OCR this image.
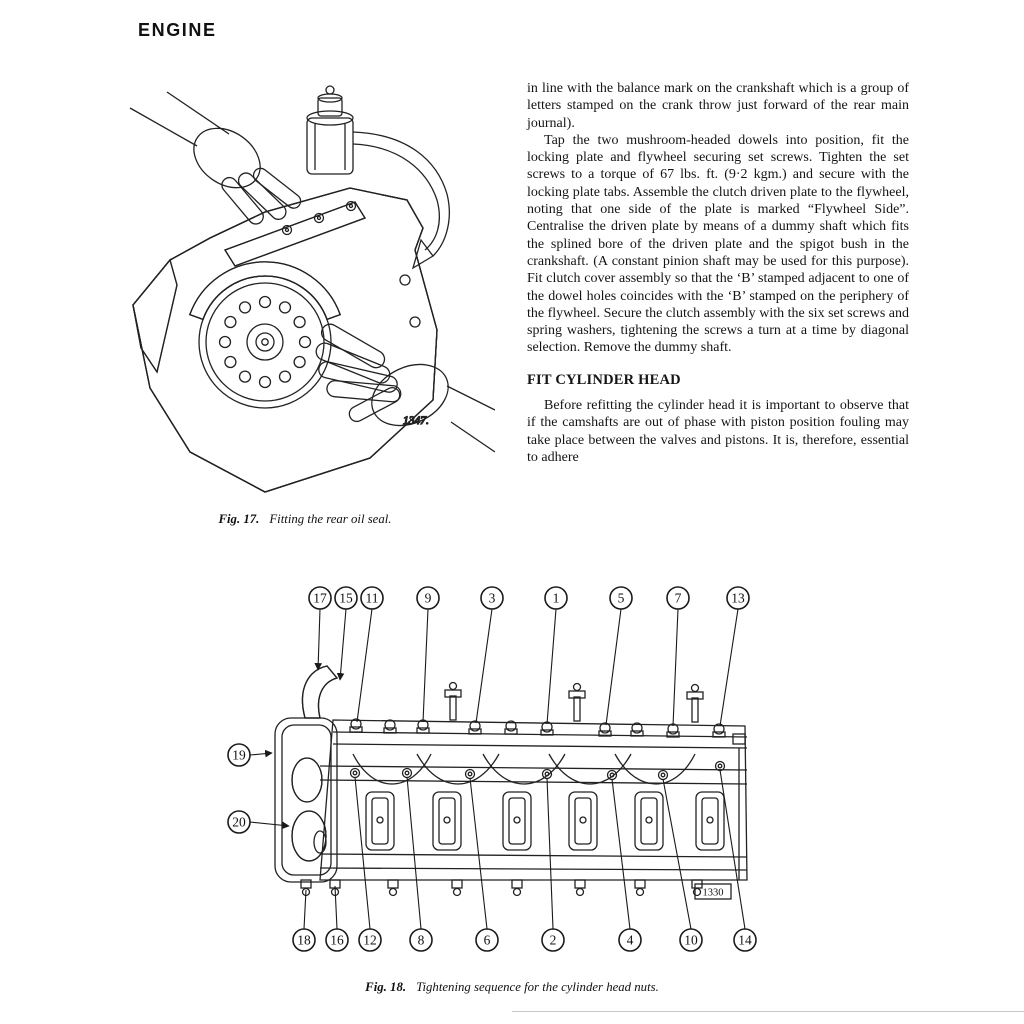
ENGINE
1347.
Fig. 17. Fitting the rear oil seal.

in line with the balance mark on the crankshaft which is a group of letters stamped on the crank throw just forward of the rear main journal).

Tap the two mushroom-headed dowels into position, fit the locking plate and flywheel securing set screws. Tighten the set screws to a torque of 67 lbs. ft. (9·2 kgm.) and secure with the locking plate tabs. Assemble the clutch driven plate to the flywheel, noting that one side of the plate is marked “Flywheel Side”. Centralise the driven plate by means of a dummy shaft which fits the splined bore of the driven plate and the spigot bush in the crankshaft. (A constant pinion shaft may be used for this purpose). Fit clutch cover assembly so that the ‘B’ stamped adjacent to one of the dowel holes coincides with the ‘B’ stamped on the periphery of the flywheel. Secure the clutch assembly with the six set screws and spring washers, tightening the screws a turn at a time by diagonal selection. Remove the dummy shaft.

FIT CYLINDER HEAD

Before refitting the cylinder head it is important to observe that if the camshafts are out of phase with piston position fouling may take place between the valves and pistons. It is, therefore, essential to adhere

1330
17 15 11	9	3	1	5	7	13
18 16 12	8	6	2	4	10	14
19
20
Fig. 18. Tightening sequence for the cylinder head nuts.
